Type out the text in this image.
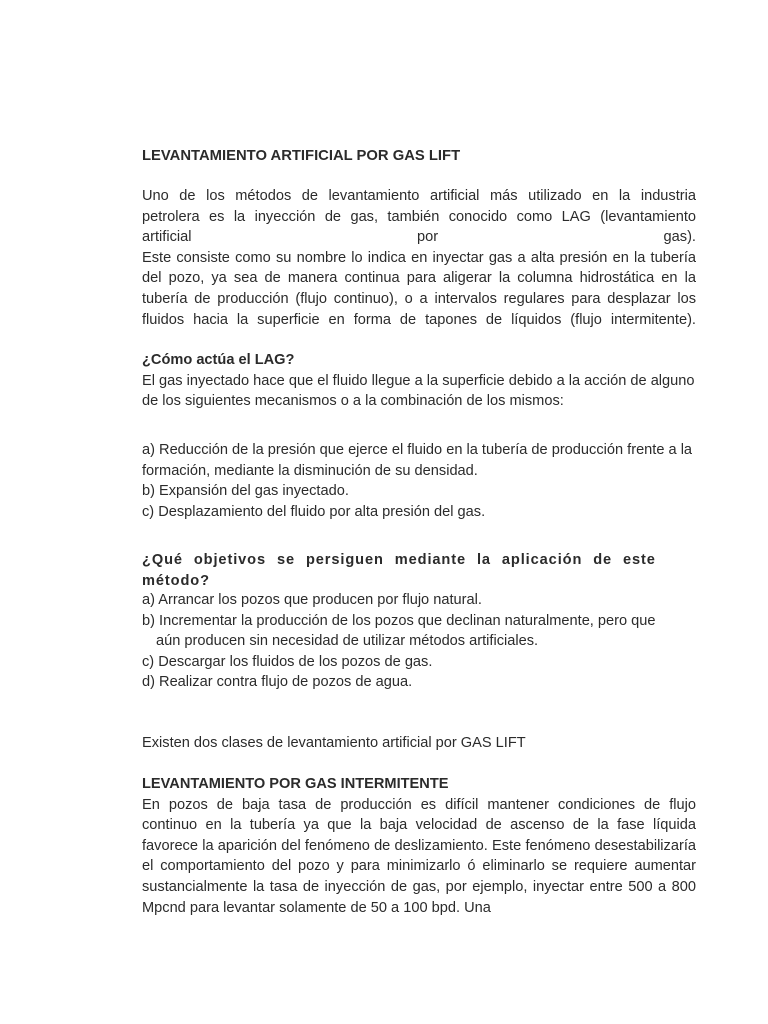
LEVANTAMIENTO ARTIFICIAL POR GAS LIFT

Uno de los métodos de levantamiento artificial más utilizado en la industria

petrolera es la inyección de gas, también conocido como LAG (levantamiento

artificial por gas).

Este consiste como su nombre lo indica en inyectar gas a alta presión en la tubería del pozo, ya sea de manera continua para aligerar la columna hidrostática en la tubería de producción (flujo continuo), o a intervalos regulares para desplazar los fluidos hacia la superficie en forma de tapones de líquidos (flujo intermitente).

¿Cómo actúa el LAG?

El gas inyectado hace que el fluido llegue a la superficie debido a la acción de alguno de los siguientes mecanismos o a la combinación de los mismos:

a) Reducción de la presión que ejerce el fluido en la tubería de producción frente a la formación, mediante la disminución de su densidad.

b) Expansión del gas inyectado.

c) Desplazamiento del fluido por alta presión del gas.

¿Qué objetivos se persiguen mediante la aplicación de este método?

a) Arrancar los pozos que producen por flujo natural.

b) Incrementar la producción de los pozos que declinan naturalmente, pero que

aún producen sin necesidad de utilizar métodos artificiales.

c) Descargar los fluidos de los pozos de gas.

d) Realizar contra flujo de pozos de agua.

Existen dos clases de levantamiento artificial por GAS LIFT

LEVANTAMIENTO POR GAS INTERMITENTE

En pozos de baja tasa de producción es difícil mantener condiciones de flujo continuo en la tubería ya que la baja velocidad de ascenso de la fase líquida favorece la aparición del fenómeno de deslizamiento. Este fenómeno desestabilizaría el comportamiento del pozo y para minimizarlo ó eliminarlo se requiere aumentar sustancialmente la tasa de inyección de gas, por ejemplo, inyectar entre 500 a 800 Mpcnd para levantar solamente de 50 a 100 bpd. Una
